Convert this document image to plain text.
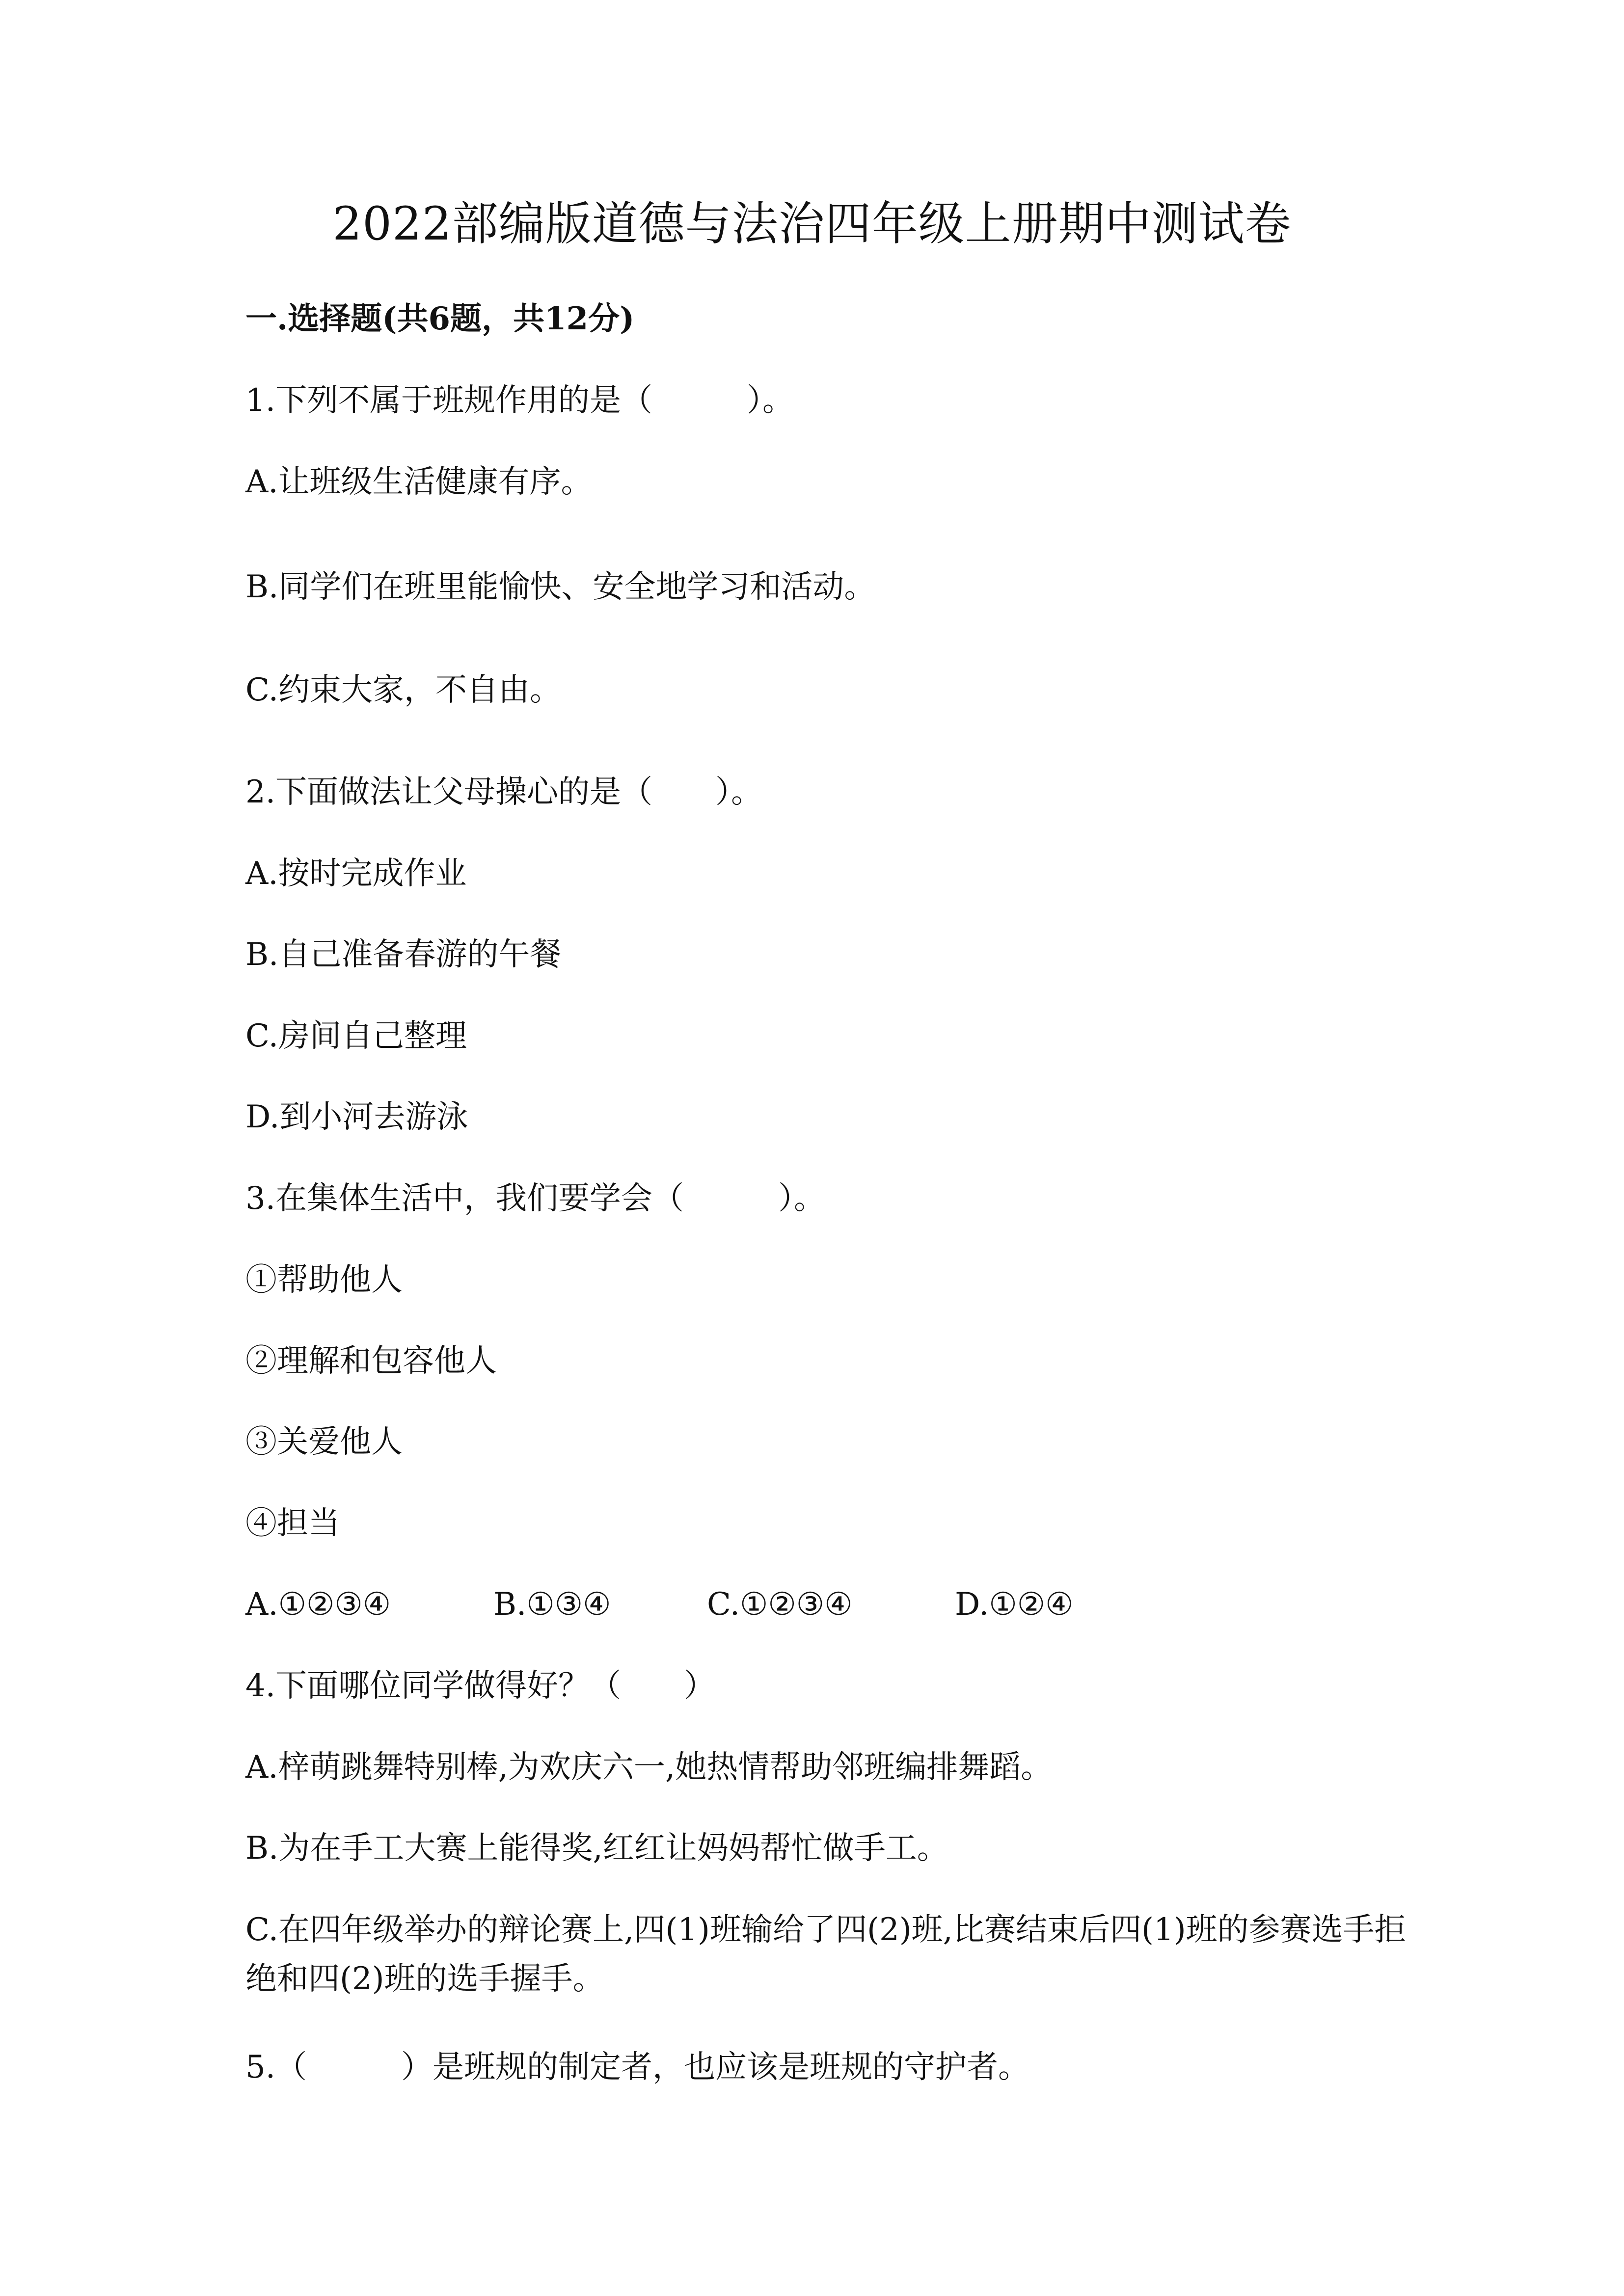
2022部编版道德与法治四年级上册期中测试卷
一.选择题(共6题，共12分)
1.下列不属于班规作用的是（　　　）。
A.让班级生活健康有序。
B.同学们在班里能愉快、安全地学习和活动。
C.约束大家，不自由。
2.下面做法让父母操心的是（　　）。
A.按时完成作业
B.自己准备春游的午餐
C.房间自己整理
D.到小河去游泳
3.在集体生活中，我们要学会（　　　）。
①帮助他人
②理解和包容他人
③关爱他人
④担当

A.①②③④

	B.①③④

	C.①②③④

	D.①②④

4.下面哪位同学做得好？（　　）
A.梓萌跳舞特别棒,为欢庆六一,她热情帮助邻班编排舞蹈。
B.为在手工大赛上能得奖,红红让妈妈帮忙做手工。
C.在四年级举办的辩论赛上,四(1)班输给了四(2)班,比赛结束后四(1)班的参赛选手拒绝和四(2)班的选手握手。
5.（　　　）是班规的制定者，也应该是班规的守护者。
